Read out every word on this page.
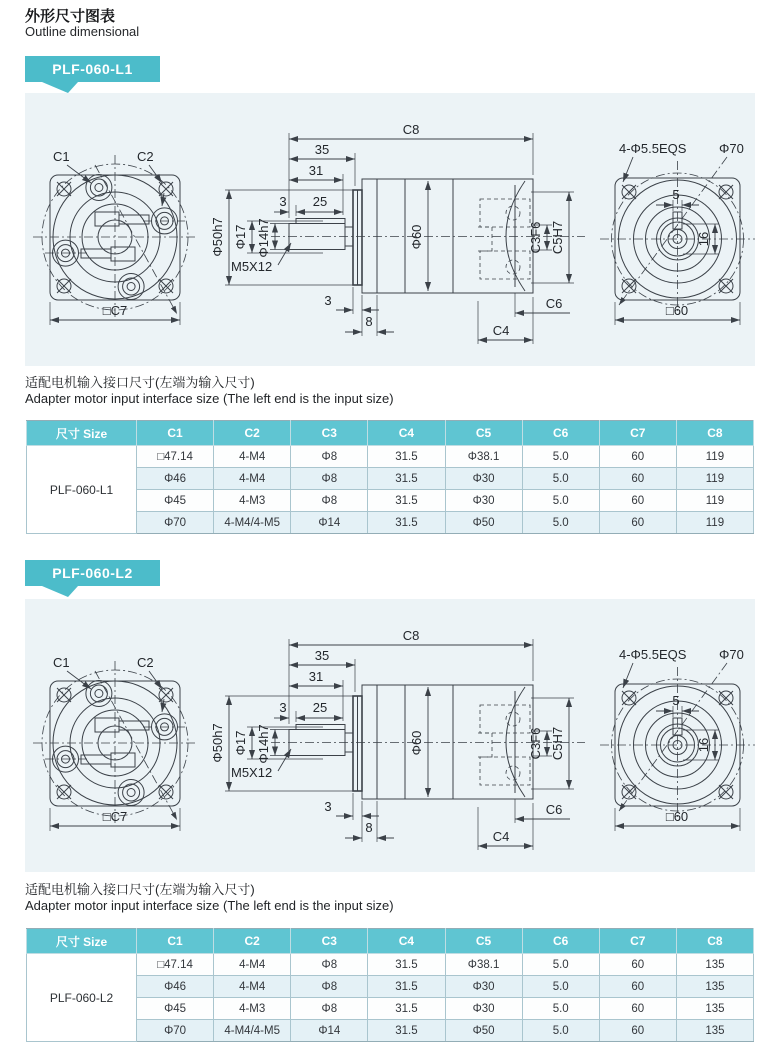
外形尺寸图表
Outline dimensional
PLF-060-L1
C1	C2
□C7
C8
35
31
3 25
Φ50h7 Φ17 Φ14h7
M5X12
Φ60	C3F6 C5H7
3
8
C4
C6
4-Φ5.5EQS	Φ70
5
16
□60
适配电机输入接口尺寸(左端为输入尺寸)
Adapter motor input interface size (The left end is the input size)
尺寸 Size	C1	C2	C3	C4	C5	C6	C7	C8
PLF-060-L1	□47.14	4-M4	Φ8	31.5	Φ38.1	5.0	60	119
	Φ46	4-M4	Φ8	31.5	Φ30	5.0	60	119
	Φ45	4-M3	Φ8	31.5	Φ30	5.0	60	119
	Φ70	4-M4/4-M5	Φ14	31.5	Φ50	5.0	60	119
PLF-060-L2
C1	C2
□C7
C8
35
31
3 25
Φ50h7 Φ17 Φ14h7
M5X12
Φ60	C3F6 C5H7
3
8
C4
C6
4-Φ5.5EQS	Φ70
5
16
□60
适配电机输入接口尺寸(左端为输入尺寸)
Adapter motor input interface size (The left end is the input size)
尺寸 Size	C1	C2	C3	C4	C5	C6	C7	C8
PLF-060-L2	□47.14	4-M4	Φ8	31.5	Φ38.1	5.0	60	135
	Φ46	4-M4	Φ8	31.5	Φ30	5.0	60	135
	Φ45	4-M3	Φ8	31.5	Φ30	5.0	60	135
	Φ70	4-M4/4-M5	Φ14	31.5	Φ50	5.0	60	135
